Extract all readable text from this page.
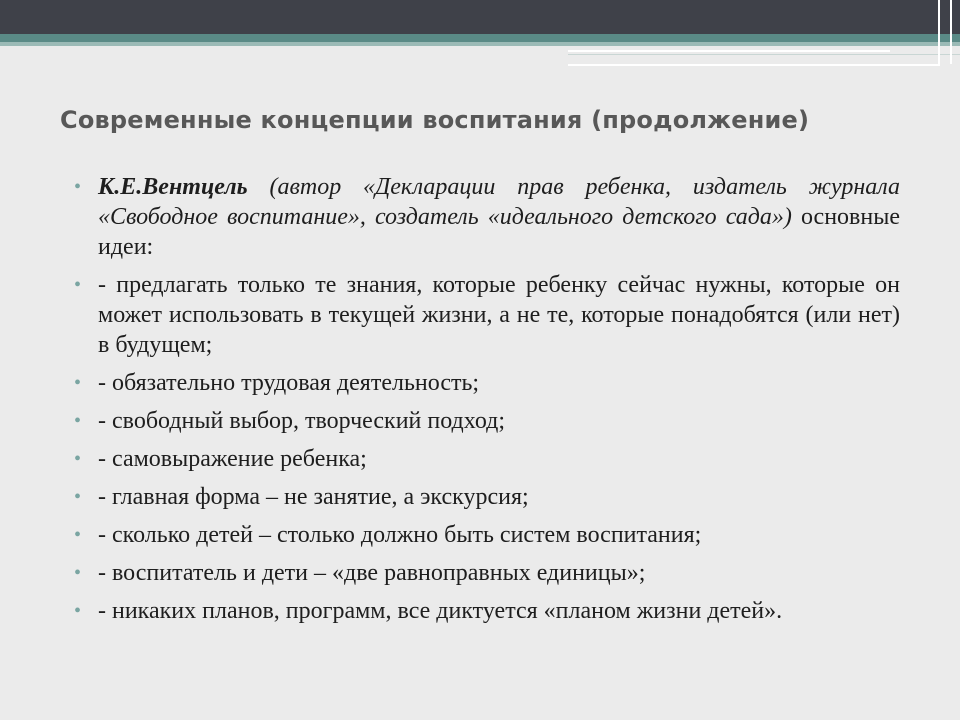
Современные концепции воспитания (продолжение)
• К.Е.Вентцель (автор «Декларации прав ребенка, издатель журнала «Свободное воспитание», создатель «идеального детского сада») основные идеи:
• - предлагать только те знания, которые ребенку сейчас нужны, которые он может использовать в текущей жизни, а не те, которые понадобятся (или нет) в будущем;
• - обязательно трудовая деятельность;
• - свободный выбор, творческий подход;
• - самовыражение ребенка;
• - главная форма – не занятие, а экскурсия;
• - сколько детей – столько должно быть систем воспитания;
• - воспитатель и дети – «две равноправных единицы»;
• - никаких планов, программ, все диктуется «планом жизни детей».
